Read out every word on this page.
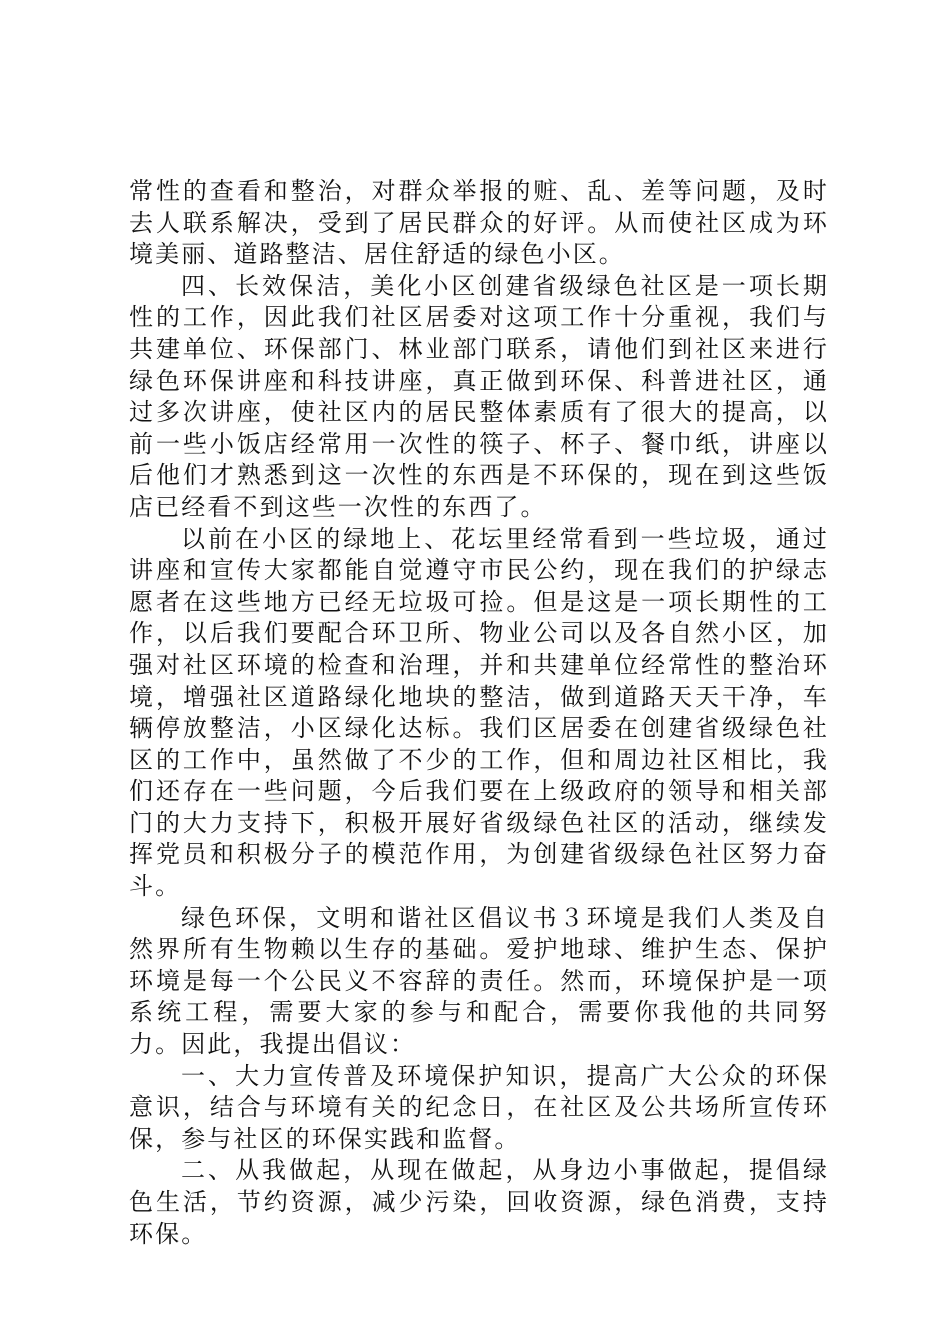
常性的查看和整治，对群众举报的赃、乱、差等问题，及时去人联系解决，受到了居民群众的好评。从而使社区成为环境美丽、道路整洁、居住舒适的绿色小区。

四、长效保洁，美化小区创建省级绿色社区是一项长期性的工作，因此我们社区居委对这项工作十分重视，我们与共建单位、环保部门、林业部门联系，请他们到社区来进行绿色环保讲座和科技讲座，真正做到环保、科普进社区，通过多次讲座，使社区内的居民整体素质有了很大的提高，以前一些小饭店经常用一次性的筷子、杯子、餐巾纸，讲座以后他们才熟悉到这一次性的东西是不环保的，现在到这些饭店已经看不到这些一次性的东西了。

以前在小区的绿地上、花坛里经常看到一些垃圾，通过讲座和宣传大家都能自觉遵守市民公约，现在我们的护绿志愿者在这些地方已经无垃圾可捡。但是这是一项长期性的工作，以后我们要配合环卫所、物业公司以及各自然小区，加强对社区环境的检查和治理，并和共建单位经常性的整治环境，增强社区道路绿化地块的整洁，做到道路天天干净，车辆停放整洁，小区绿化达标。我们区居委在创建省级绿色社区的工作中，虽然做了不少的工作，但和周边社区相比，我们还存在一些问题，今后我们要在上级政府的领导和相关部门的大力支持下，积极开展好省级绿色社区的活动，继续发挥党员和积极分子的模范作用，为创建省级绿色社区努力奋斗。

绿色环保，文明和谐社区倡议书３环境是我们人类及自然界所有生物赖以生存的基础。爱护地球、维护生态、保护环境是每一个公民义不容辞的责任。然而，环境保护是一项系统工程，需要大家的参与和配合，需要你我他的共同努力。因此，我提出倡议：

一、大力宣传普及环境保护知识，提高广大公众的环保意识，结合与环境有关的纪念日，在社区及公共场所宣传环保，参与社区的环保实践和监督。

二、从我做起，从现在做起，从身边小事做起，提倡绿色生活，节约资源，减少污染，回收资源，绿色消费，支持环保。
